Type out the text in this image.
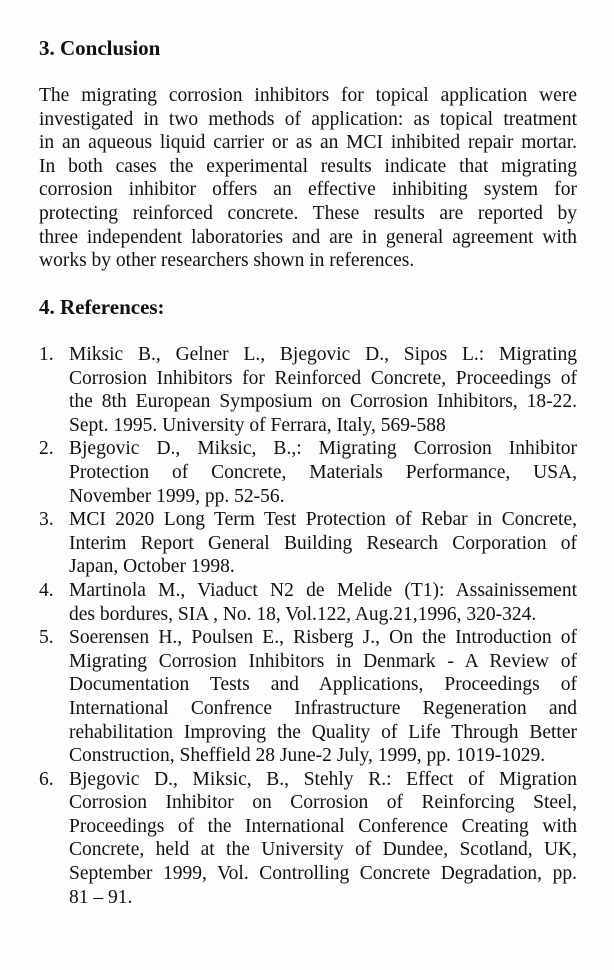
3. Conclusion
The migrating corrosion inhibitors for topical application were
investigated in two methods of application: as topical treatment
in an aqueous liquid carrier or as an MCI inhibited repair mortar.
In both cases the experimental results indicate that migrating
corrosion inhibitor offers an effective inhibiting system for
protecting reinforced concrete. These results are reported by
three independent laboratories and are in general agreement with
works by other researchers shown in references.
4. References:
1. Miksic B., Gelner L., Bjegovic D., Sipos L.: Migrating
Corrosion Inhibitors for Reinforced Concrete, Proceedings of
the 8th European Symposium on Corrosion Inhibitors, 18-22.
Sept. 1995. University of Ferrara, Italy, 569-588
2. Bjegovic D., Miksic, B.,: Migrating Corrosion Inhibitor
Protection of Concrete, Materials Performance, USA,
November 1999, pp. 52-56.
3. MCI 2020 Long Term Test Protection of Rebar in Concrete,
Interim Report General Building Research Corporation of
Japan, October 1998.
4. Martinola M., Viaduct N2 de Melide (T1): Assainissement
des bordures, SIA , No. 18, Vol.122, Aug.21,1996, 320-324.
5. Soerensen H., Poulsen E., Risberg J., On the Introduction of
Migrating Corrosion Inhibitors in Denmark - A Review of
Documentation Tests and Applications, Proceedings of
International Confrence Infrastructure Regeneration and
rehabilitation Improving the Quality of Life Through Better
Construction, Sheffield 28 June-2 July, 1999, pp. 1019-1029.
6. Bjegovic D., Miksic, B., Stehly R.: Effect of Migration
Corrosion Inhibitor on Corrosion of Reinforcing Steel,
Proceedings of the International Conference Creating with
Concrete, held at the University of Dundee, Scotland, UK,
September 1999, Vol. Controlling Concrete Degradation, pp.
81 – 91.
